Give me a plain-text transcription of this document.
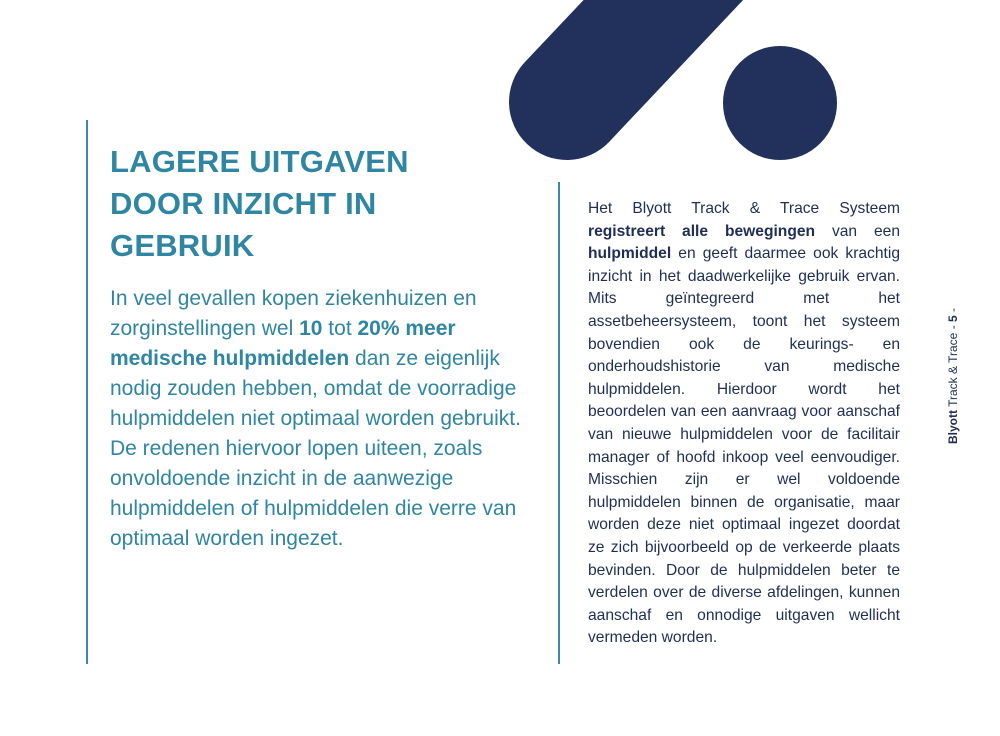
LAGERE UITGAVEN DOOR INZICHT IN GEBRUIK

In veel gevallen kopen ziekenhuizen en zorginstellingen wel 10 tot 20% meer medische hulpmiddelen dan ze eigenlijk nodig zouden hebben, omdat de voorradige hulpmiddelen niet optimaal worden gebruikt. De redenen hiervoor lopen uiteen, zoals onvoldoende inzicht in de aanwezige hulpmiddelen of hulpmiddelen die verre van optimaal worden ingezet.

Het Blyott Track & Trace Systeem registreert alle bewegingen van een hulpmiddel en geeft daarmee ook krachtig inzicht in het daadwerkelijke gebruik ervan. Mits geïntegreerd met het assetbeheersysteem, toont het systeem bovendien ook de keurings- en onderhoudshistorie van medische hulpmiddelen. Hierdoor wordt het beoordelen van een aanvraag voor aanschaf van nieuwe hulpmiddelen voor de facilitair manager of hoofd inkoop veel eenvoudiger. Misschien zijn er wel voldoende hulpmiddelen binnen de organisatie, maar worden deze niet optimaal ingezet doordat ze zich bijvoorbeeld op de verkeerde plaats bevinden. Door de hulpmiddelen beter te verdelen over de diverse afdelingen, kunnen aanschaf en onnodige uitgaven wellicht vermeden worden.

Blyott Track & Trace - 5 -
